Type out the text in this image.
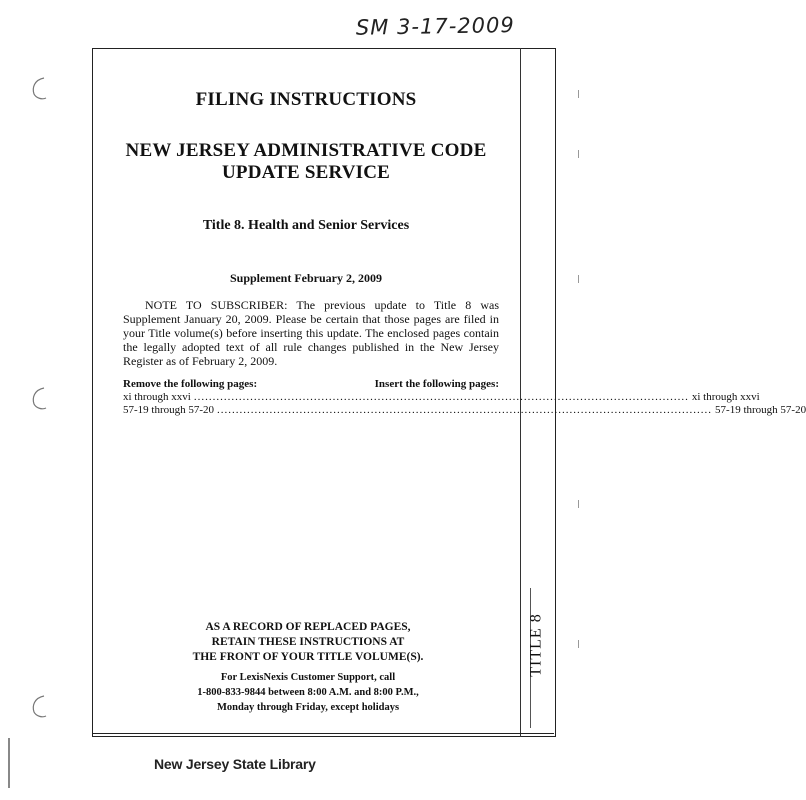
SM 3-17-2009
TITLE 8
FILING INSTRUCTIONS
NEW JERSEY ADMINISTRATIVE CODE
UPDATE SERVICE
Title 8. Health and Senior Services
Supplement February 2, 2009
NOTE TO SUBSCRIBER: The previous update to Title 8 was Supplement January 20, 2009. Please be certain that those pages are filed in your Title volume(s) before inserting this update. The enclosed pages contain the legally adopted text of all rule changes published in the New Jersey Register as of February 2, 2009.
Remove the following pages:	Insert the following pages:
xi through xxvi .................................................................................................................................... xi through xxvi
57-19 through 57-20 .................................................................................................................................... 57-19 through 57-20
AS A RECORD OF REPLACED PAGES,
RETAIN THESE INSTRUCTIONS AT
THE FRONT OF YOUR TITLE VOLUME(S).
For LexisNexis Customer Support, call
1-800-833-9844 between 8:00 A.M. and 8:00 P.M.,
Monday through Friday, except holidays
New Jersey State Library
